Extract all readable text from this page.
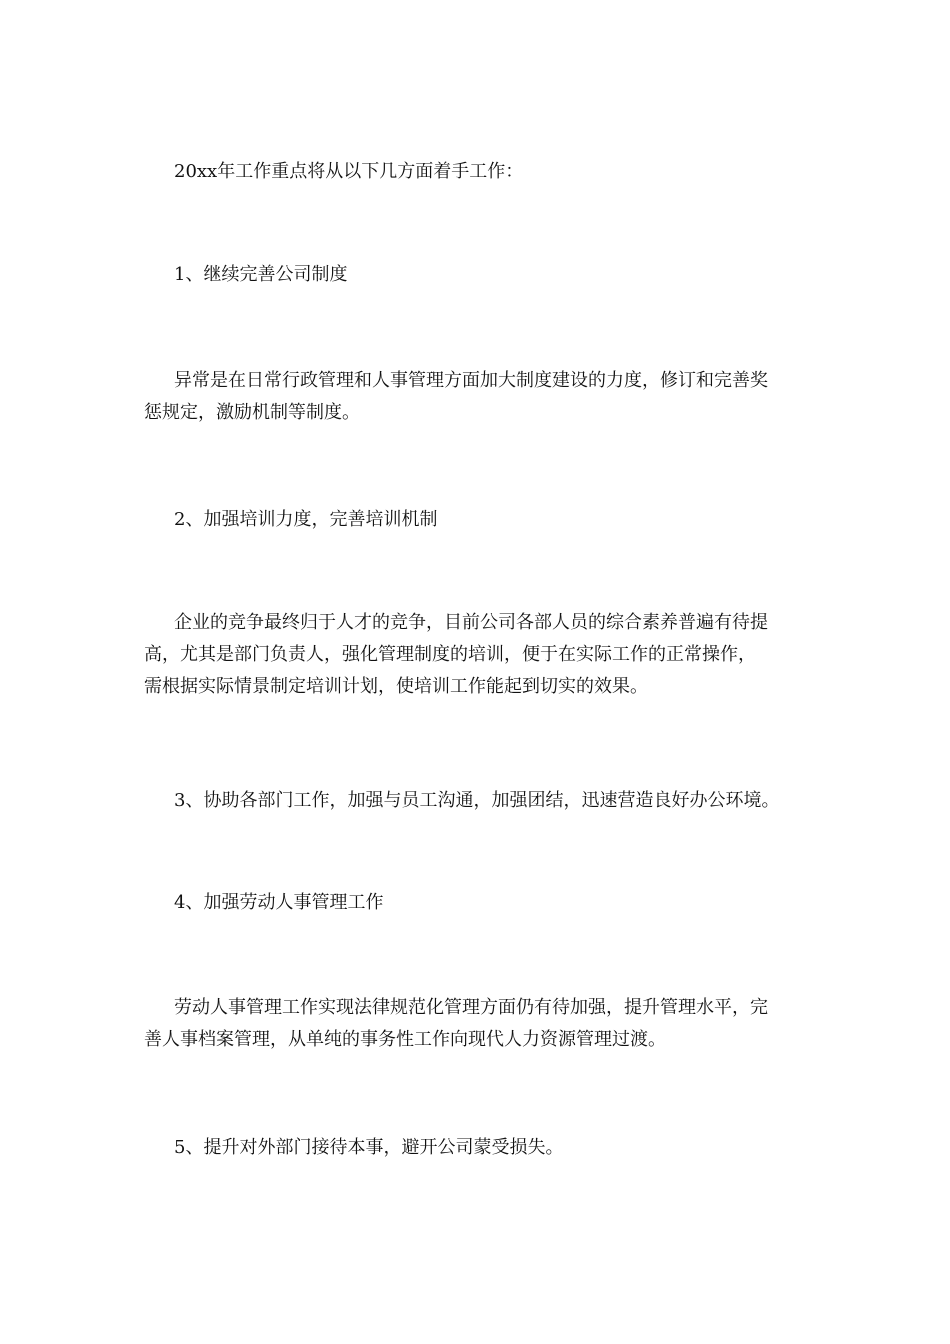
20xx年工作重点将从以下几方面着手工作：
1、继续完善公司制度
异常是在日常行政管理和人事管理方面加大制度建设的力度，修订和完善奖
惩规定，激励机制等制度。
2、加强培训力度，完善培训机制
企业的竞争最终归于人才的竞争，目前公司各部人员的综合素养普遍有待提
高，尤其是部门负责人，强化管理制度的培训，便于在实际工作的正常操作，
需根据实际情景制定培训计划，使培训工作能起到切实的效果。
3、协助各部门工作，加强与员工沟通，加强团结，迅速营造良好办公环境。
4、加强劳动人事管理工作
劳动人事管理工作实现法律规范化管理方面仍有待加强，提升管理水平，完
善人事档案管理，从单纯的事务性工作向现代人力资源管理过渡。
5、提升对外部门接待本事，避开公司蒙受损失。
